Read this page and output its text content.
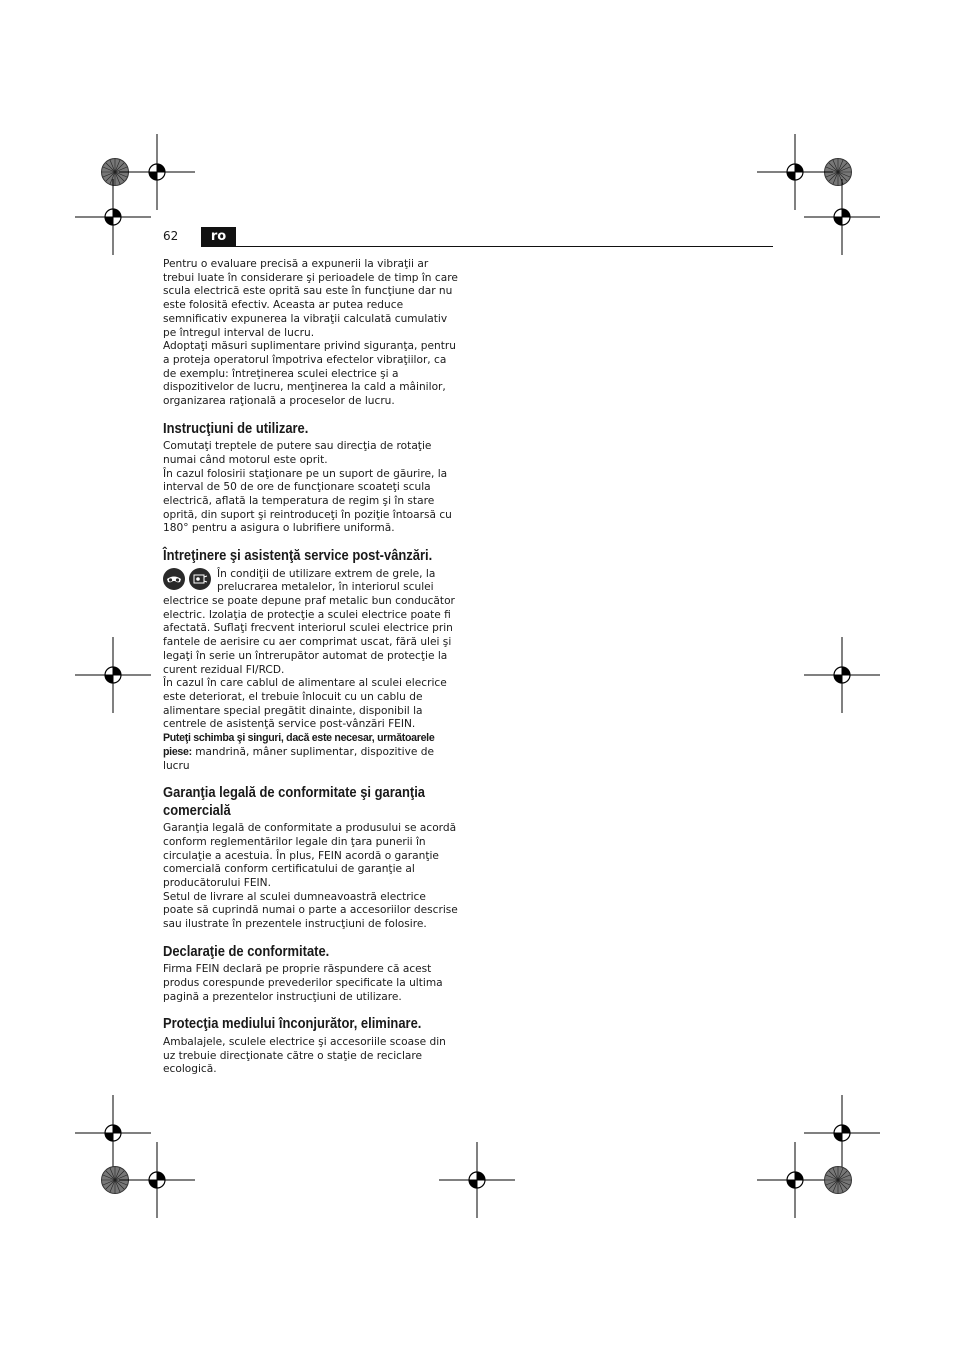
62	ro

Pentru o evaluare precisă a expunerii la vibraţii ar trebui luate în considerare şi perioadele de timp în care scula electrică este oprită sau este în funcţiune dar nu este folosită efectiv. Aceasta ar putea reduce semnificativ expunerea la vibraţii calculată cumulativ pe întregul interval de lucru.

Adoptaţi măsuri suplimentare privind siguranţa, pentru a proteja operatorul împotriva efectelor vibraţiilor, ca de exemplu: întreţinerea sculei electrice şi a dispozitivelor de lucru, menţinerea la cald a mâinilor, organizarea raţională a proceselor de lucru.

Instrucţiuni de utilizare.

Comutaţi treptele de putere sau direcţia de rotaţie numai când motorul este oprit.

În cazul folosirii staţionare pe un suport de găurire, la interval de 50 de ore de funcţionare scoateţi scula electrică, aflată la temperatura de regim şi în stare oprită, din suport şi reintroduceţi în poziţie întoarsă cu 180° pentru a asigura o lubrifiere uniformă.

Întreţinere şi asistenţă service post-vânzări.

În condiţii de utilizare extrem de grele, la prelucrarea metalelor, în interiorul sculei electrice se poate depune praf metalic bun conducător electric. Izolaţia de protecţie a sculei electrice poate fi afectată. Suflaţi frecvent interiorul sculei electrice prin fantele de aerisire cu aer comprimat uscat, fără ulei şi legaţi în serie un întrerupător automat de protecţie la curent rezidual FI/RCD.

În cazul în care cablul de alimentare al sculei elecrice este deteriorat, el trebuie înlocuit cu un cablu de alimentare special pregătit dinainte, disponibil la centrele de asistenţă service post-vânzări FEIN.

Puteţi schimba şi singuri, dacă este necesar, următoarele piese: mandrină, mâner suplimentar, dispozitive de lucru

Garanţia legală de conformitate şi garanţia comercială

Garanţia legală de conformitate a produsului se acordă conform reglementărilor legale din ţara punerii în circulaţie a acestuia. În plus, FEIN acordă o garanţie comercială conform certificatului de garanţie al producătorului FEIN.

Setul de livrare al sculei dumneavoastră electrice poate să cuprindă numai o parte a accesoriilor descrise sau ilustrate în prezentele instrucţiuni de folosire.

Declaraţie de conformitate.

Firma FEIN declară pe proprie răspundere că acest produs corespunde prevederilor specificate la ultima pagină a prezentelor instrucţiuni de utilizare.

Protecţia mediului înconjurător, eliminare.

Ambalajele, sculele electrice şi accesoriile scoase din uz trebuie direcţionate către o staţie de reciclare ecologică.
